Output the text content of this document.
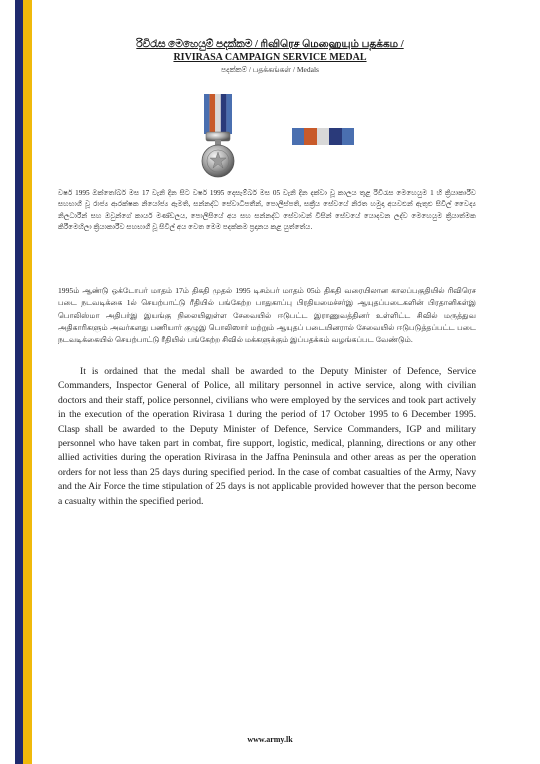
රිවිරැස මෙහෙයුම් පදක්කම / ரிவிரெச மெஹையும் பதக்கம /
RIVIRASA CAMPAIGN SERVICE MEDAL
පදක්කම් / பதக்கங்கள் / Medals

වර්ෂ 1995 ඔක්තෝබර් මස 17 වැනි දින සිට වර්ෂ 1995 දෙසැම්බර් මස 05 වැනි දින දක්වා වූ කාලය තුළ රිවිරැස මෙහෙයුම 1 හි ක්‍රියාකාරීව සහභාගී වූ රාජ්‍ය ආරක්ෂක නියෝජ්‍ය ඇමති, සන්නද්ධ සේවාධිපතීන්, පොලිස්පති, සක්‍රීය සේවයේ නිරත හමුදා අයවළුන් ඇතුළු සිවිල් වෛද්‍ය නිලධාරීන් සහ ඔවුන්ගේ කාර්ය මණ්ඩලය, පොලිසියේ අය සහ සන්නද්ධ සේවාවන් විසින් සේවයේ යොදවන ලද්ව මෙහෙයුම ක්‍රියාත්මක කිරීමෙහිලා ක්‍රියාකාරීව සහභාගී වූ සිවිල් අය වෙත මෙම පදක්කම ප්‍රදානය කළ යුත්තේය.

1995ம் ஆண்டு ஒக்டோபர் மாதம் 17ம் திகதி முதல் 1995 டிசம்பர் மாதம் 05ம் திகதி வரையிலான காலப்பகுதியில் ரிவிரெச படை நடவடிக்கை 1ல் செயற்பாட்டு ரீதியில் பங்கேற்ற பாதுகாப்பு பிரதியமைச்சர்இ ஆயுதப்படைகளின் பிரதானிகள்இ பொலிஸ்மா அதிபர்இ இயங்கு நிலையிலுள்ள சேவையில் ஈடுபட்ட இராணுவத்தினர் உள்ளிட்ட சிவில் மருத்துவ அதிகாரிகளும் அவர்களது பணியார் குழுஇ பொலிஸார் மற்றும் ஆயுதப் படையினரால் சேவையில் ஈடுபடுத்தப்பட்ட படை நடவடிக்கையில் செயற்பாட்டு ரீதியில் பங்கேற்ற சிவில் மக்களுக்கும் இப்பதக்கம் வழங்கப்பட வேண்டும்.

It is ordained that the medal shall be awarded to the Deputy Minister of Defence, Service Commanders, Inspector General of Police, all military personnel in active service, along with civilian doctors and their staff, police personnel, civilians who were employed by the services and took part actively in the execution of the operation Rivirasa 1 during the period of 17 October 1995 to 6 December 1995. Clasp shall be awarded to the Deputy Minister of Defence, Service Commanders, IGP and military personnel who have taken part in combat, fire support, logistic, medical, planning, directions or any other allied activities during the operation Rivirasa in the Jaffna Peninsula and other areas as per the operation orders for not less than 25 days during specified period. In the case of combat casualties of the Army, Navy and the Air Force the time stipulation of 25 days is not applicable provided however that the person become a casualty within the specified period.

www.army.lk
